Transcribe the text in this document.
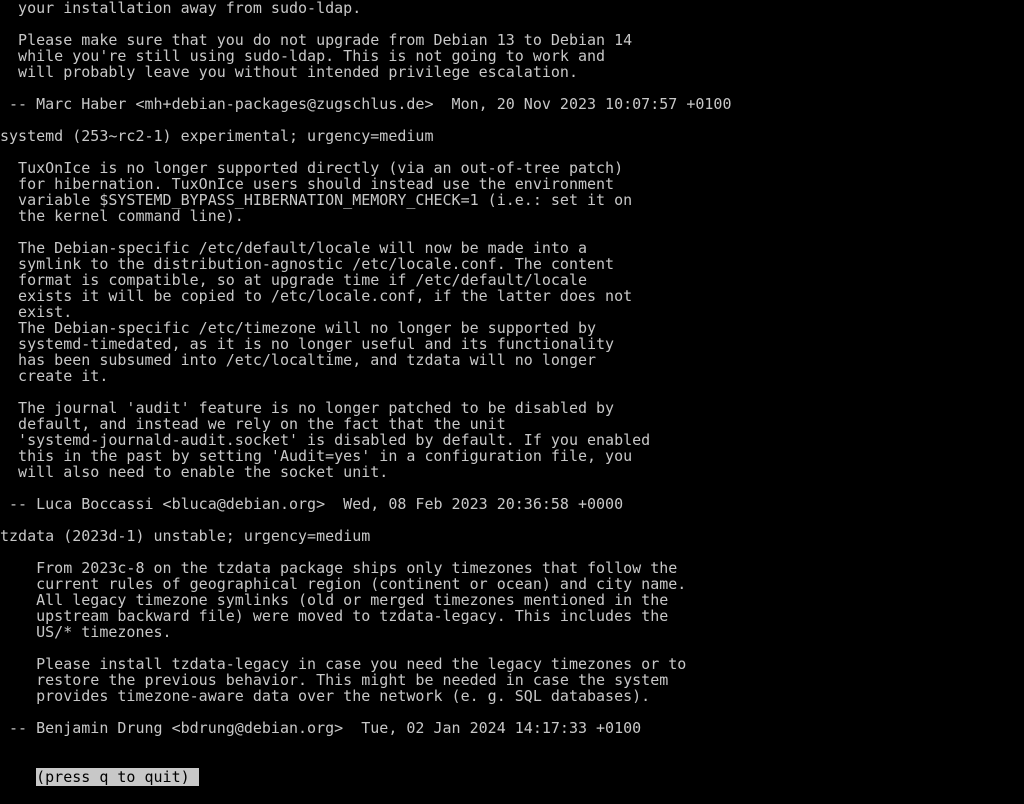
your installation away from sudo-ldap.
Please make sure that you do not upgrade from Debian 13 to Debian 14
while you're still using sudo-ldap. This is not going to work and
will probably leave you without intended privilege escalation.
-- Marc Haber <mh+debian-packages@zugschlus.de>  Mon, 20 Nov 2023 10:07:57 +0100
systemd (253~rc2-1) experimental; urgency=medium
TuxOnIce is no longer supported directly (via an out-of-tree patch)
for hibernation. TuxOnIce users should instead use the environment
variable $SYSTEMD_BYPASS_HIBERNATION_MEMORY_CHECK=1 (i.e.: set it on
the kernel command line).
The Debian-specific /etc/default/locale will now be made into a
symlink to the distribution-agnostic /etc/locale.conf. The content
format is compatible, so at upgrade time if /etc/default/locale
exists it will be copied to /etc/locale.conf, if the latter does not
exist.
The Debian-specific /etc/timezone will no longer be supported by
systemd-timedated, as it is no longer useful and its functionality
has been subsumed into /etc/localtime, and tzdata will no longer
create it.
The journal 'audit' feature is no longer patched to be disabled by
default, and instead we rely on the fact that the unit
'systemd-journald-audit.socket' is disabled by default. If you enabled
this in the past by setting 'Audit=yes' in a configuration file, you
will also need to enable the socket unit.
-- Luca Boccassi <bluca@debian.org>  Wed, 08 Feb 2023 20:36:58 +0000
tzdata (2023d-1) unstable; urgency=medium
From 2023c-8 on the tzdata package ships only timezones that follow the
current rules of geographical region (continent or ocean) and city name.
All legacy timezone symlinks (old or merged timezones mentioned in the
upstream backward file) were moved to tzdata-legacy. This includes the
US/* timezones.
Please install tzdata-legacy in case you need the legacy timezones or to
restore the previous behavior. This might be needed in case the system
provides timezone-aware data over the network (e. g. SQL databases).
-- Benjamin Drung <bdrung@debian.org>  Tue, 02 Jan 2024 14:17:33 +0100

(press q to quit)
